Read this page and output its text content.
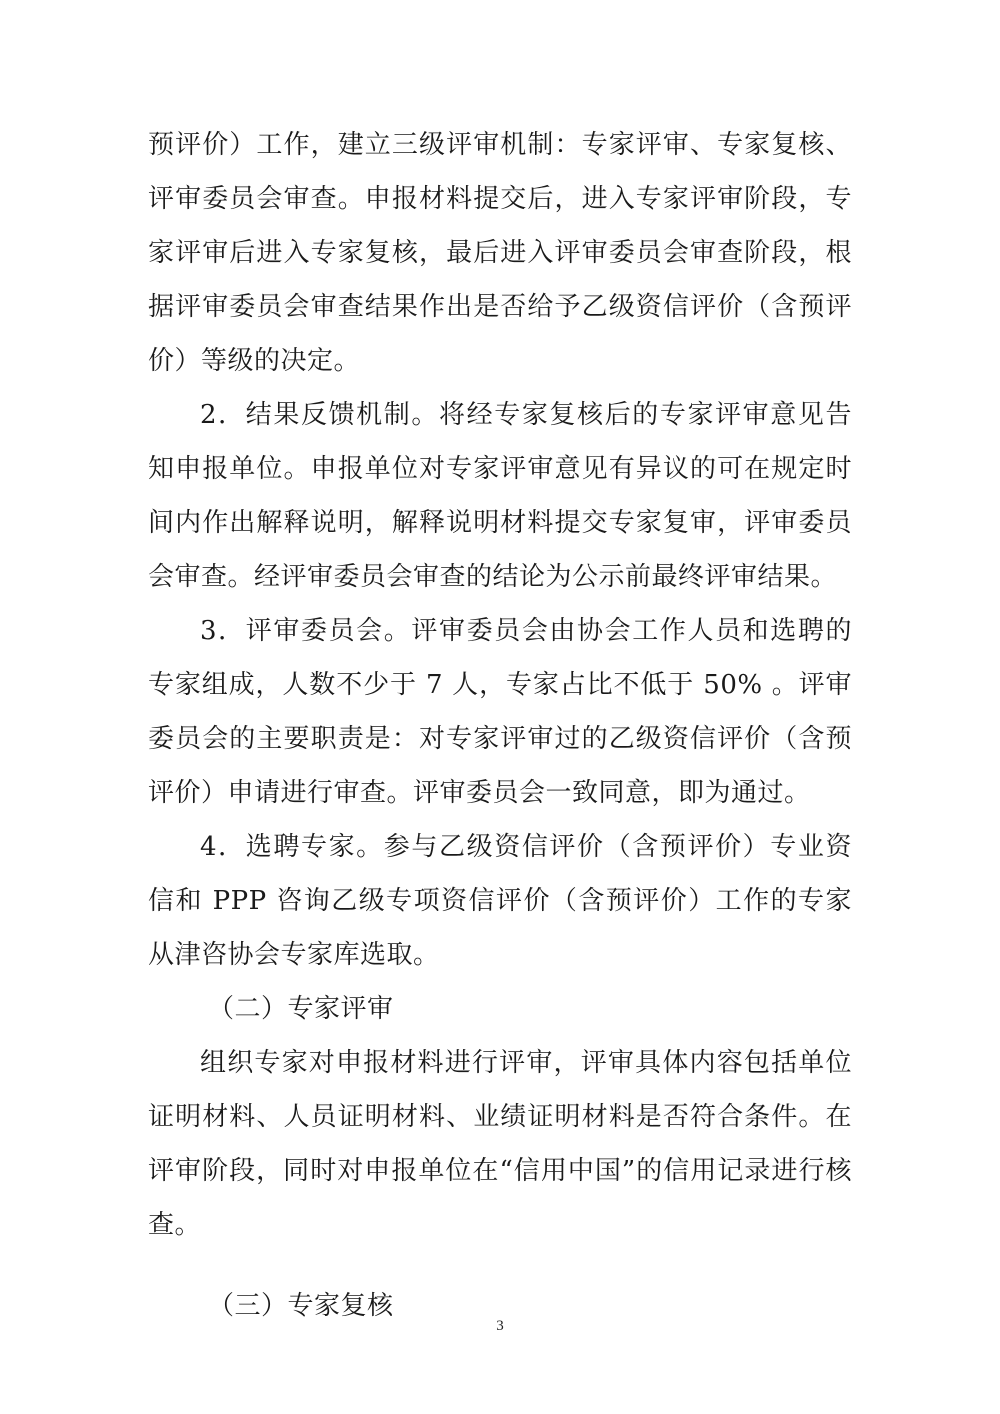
预评价）工作，建立三级评审机制：专家评审、专家复核、评审委员会审查。申报材料提交后，进入专家评审阶段，专家评审后进入专家复核，最后进入评审委员会审查阶段，根据评审委员会审查结果作出是否给予乙级资信评价（含预评价）等级的决定。

2．结果反馈机制。将经专家复核后的专家评审意见告知申报单位。申报单位对专家评审意见有异议的可在规定时间内作出解释说明，解释说明材料提交专家复审，评审委员会审查。经评审委员会审查的结论为公示前最终评审结果。

3．评审委员会。评审委员会由协会工作人员和选聘的专家组成，人数不少于 7 人，专家占比不低于 50% 。评审委员会的主要职责是：对专家评审过的乙级资信评价（含预评价）申请进行审查。评审委员会一致同意，即为通过。

4．选聘专家。参与乙级资信评价（含预评价）专业资信和 PPP 咨询乙级专项资信评价（含预评价）工作的专家从津咨协会专家库选取。

（二）专家评审

组织专家对申报材料进行评审，评审具体内容包括单位证明材料、人员证明材料、业绩证明材料是否符合条件。在评审阶段，同时对申报单位在“信用中国”的信用记录进行核查。

（三）专家复核

3
